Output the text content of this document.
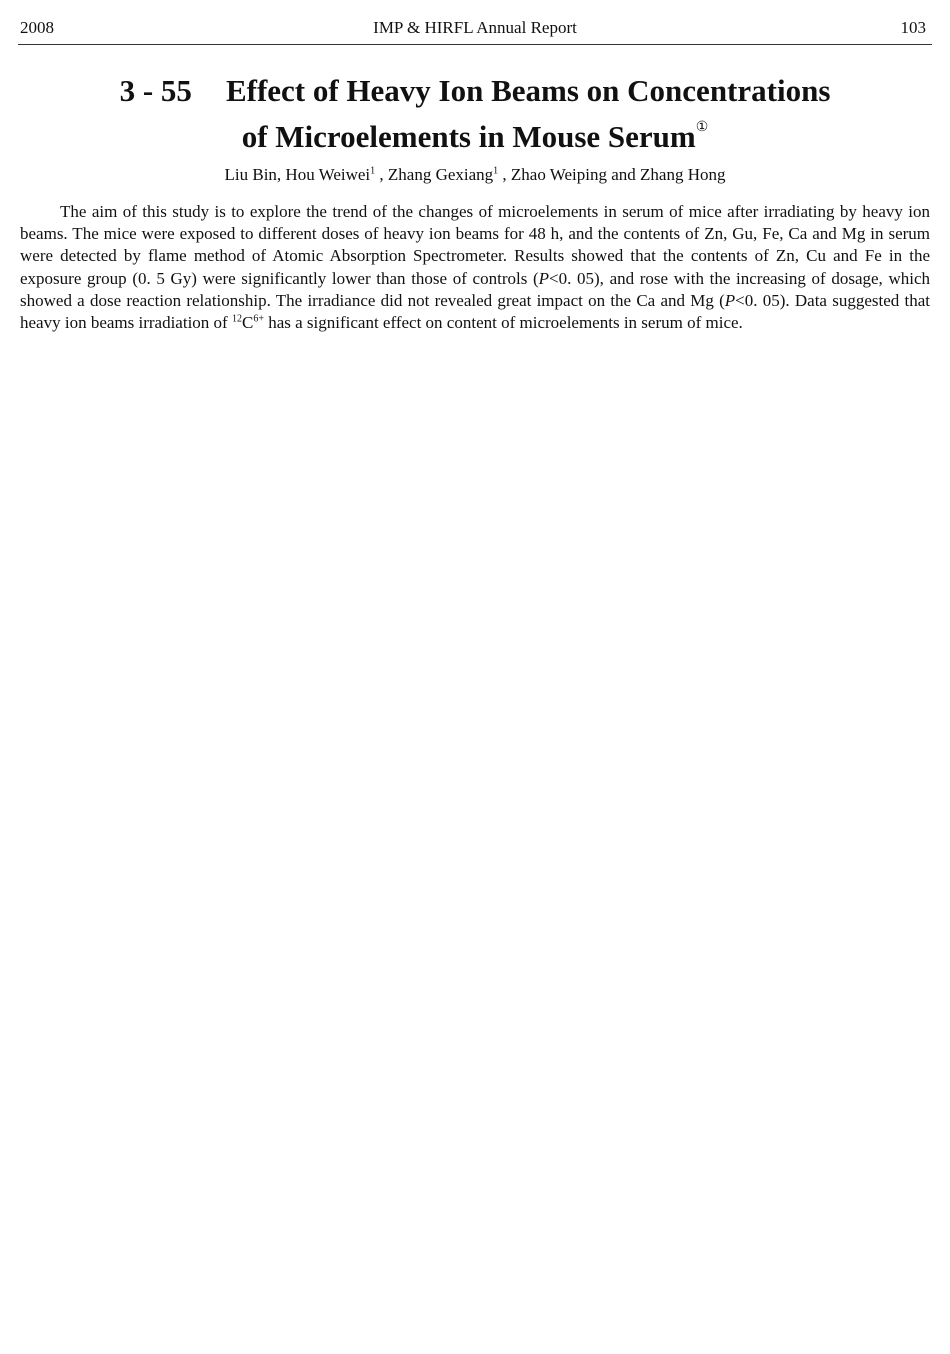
2008	IMP & HIRFL Annual Report	103
3 - 55 Effect of Heavy Ion Beams on Concentrations
of Microelements in Mouse Serum①
Liu Bin, Hou Weiwei$^1$ , Zhang Gexiang$^1$ , Zhao Weiping and Zhang Hong

The aim of this study is to explore the trend of the changes of microelements in serum of mice after irradiating by heavy ion beams. The mice were exposed to different doses of heavy ion beams for 48 h, and the contents of Zn, Gu, Fe, Ca and Mg in serum were detected by flame method of Atomic Absorption Spectrometer. Results showed that the contents of Zn, Cu and Fe in the exposure group (0. 5 Gy) were significantly lower than those of controls (P<0. 05), and rose with the increasing of dosage, which showed a dose reaction relationship. The irradiance did not revealed great impact on the Ca and Mg (P<0. 05). Data suggested that heavy ion beams irradiation of $^{12}C^{6+}$ has a significant effect on content of microelements in serum of mice.
